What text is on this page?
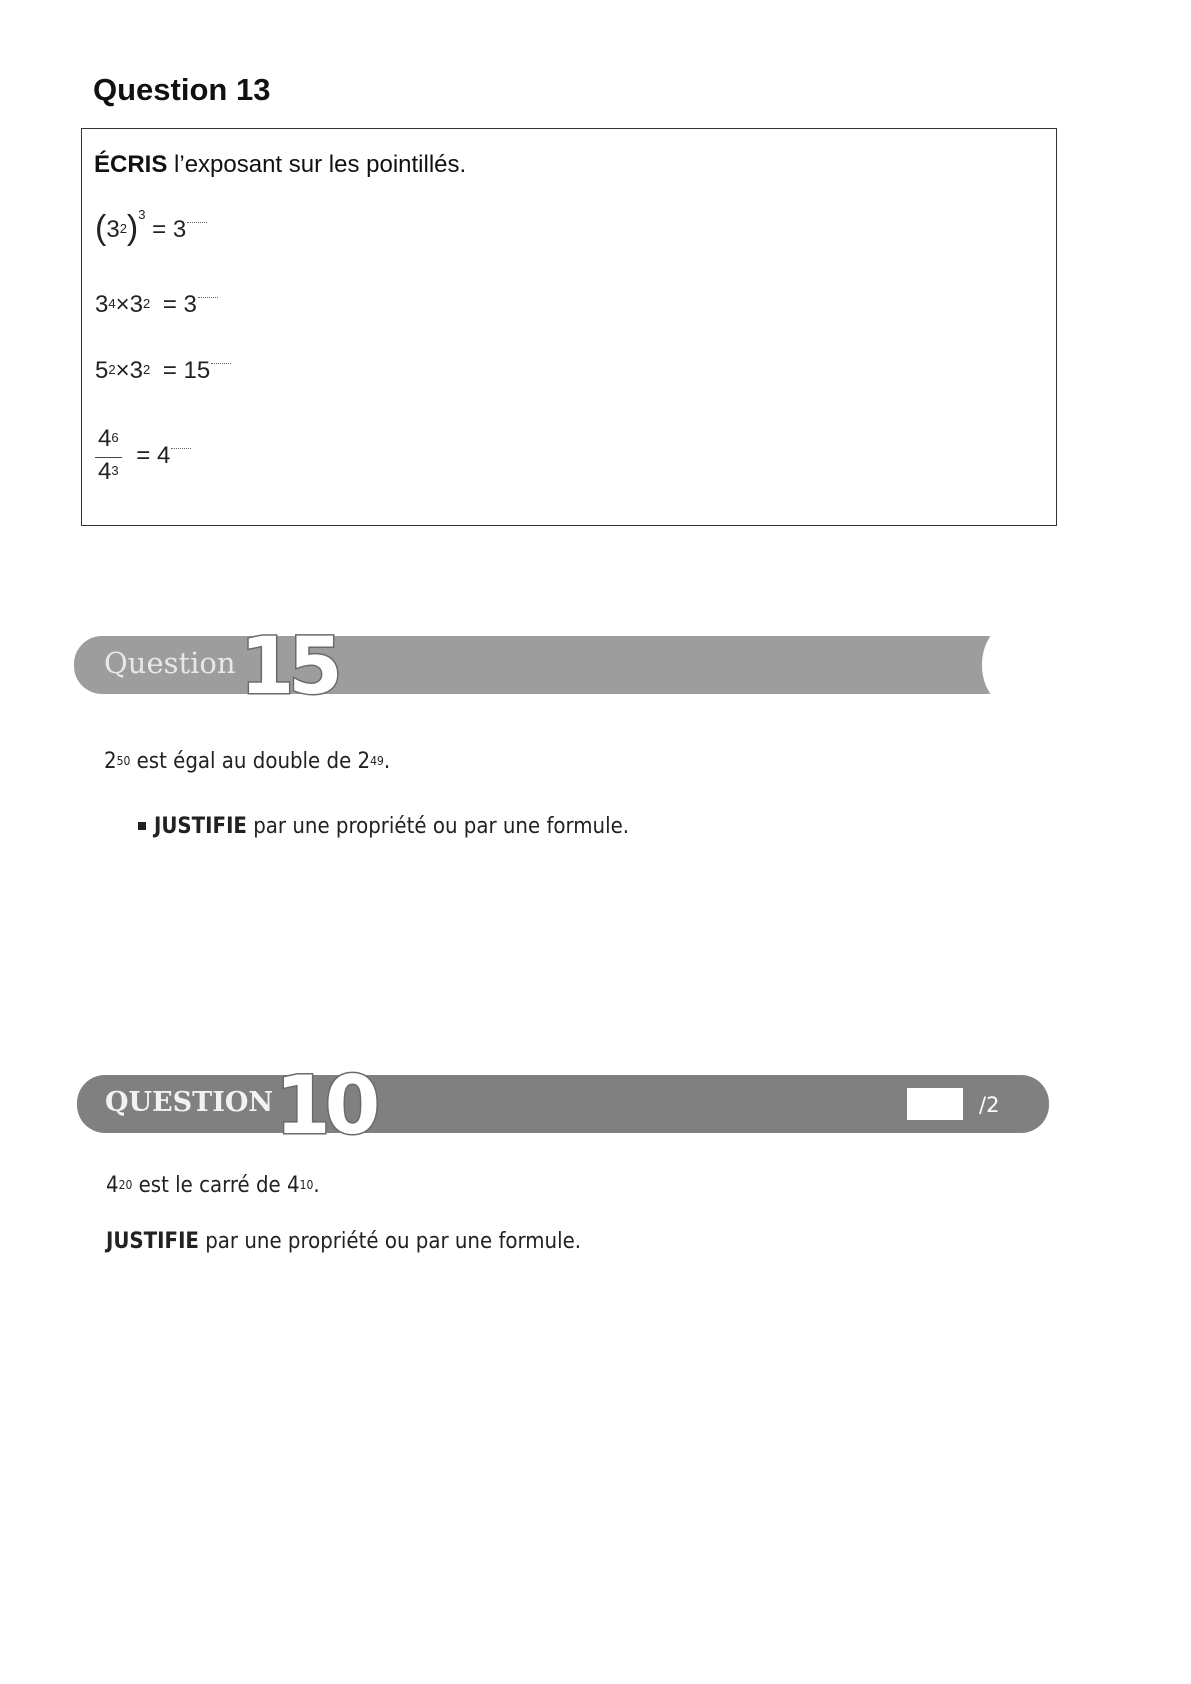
Question 13
ÉCRIS l’exposant sur les pointillés.
$(3^2)^3 = 3$
$3^4\times 3^2 = 3$
$5^2\times 3^2 = 15$
$\frac{4^6}{4^3} = 4$
Question 15
$2^{50}$ est égal au double de $2^{49}$.
JUSTIFIE par une propriété ou par une formule.
QUESTION 10	/2
$4^{20}$ est le carré de $4^{10}$.
JUSTIFIE par une propriété ou par une formule.
